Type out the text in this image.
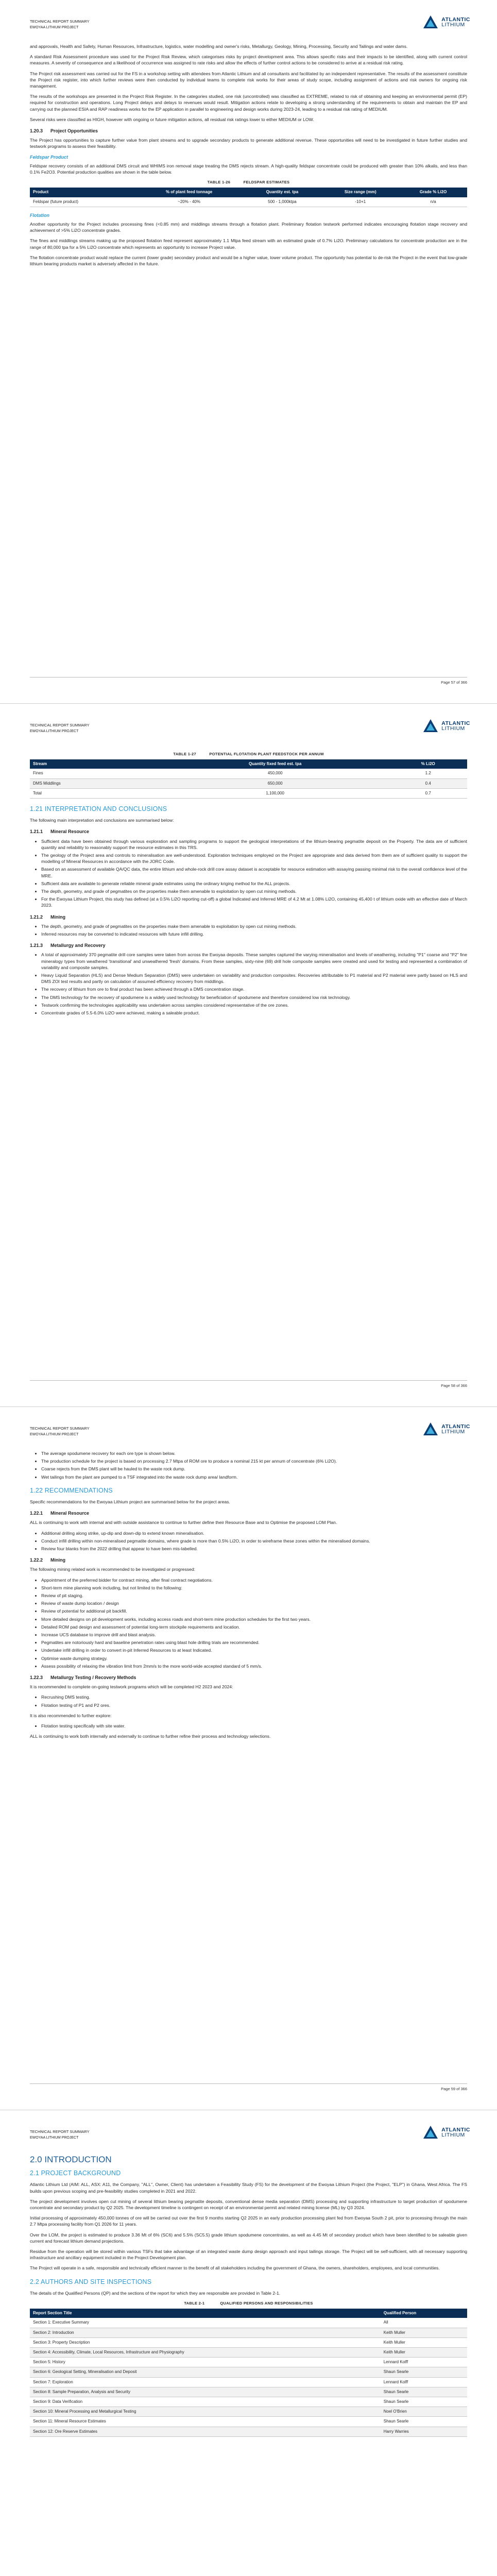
TECHNICAL REPORT SUMMARY
EWOYAA LITHIUM PROJECT
ATLANTIC
LITHIUM

and approvals, Health and Safety, Human Resources, Infrastructure, logistics, water modelling and owner's risks, Metallurgy, Geology, Mining, Processing, Security and Tailings and water dams.

A standard Risk Assessment procedure was used for the Project Risk Review, which categorises risks by project development area. This allows specific risks and their impacts to be identified, along with current control measures. A severity of consequence and a likelihood of occurrence was assigned to rate risks and allow the effects of further control actions to be considered to arrive at a residual risk rating.

The Project risk assessment was carried out for the FS in a workshop setting with attendees from Atlantic Lithium and all consultants and facilitated by an independent representative. The results of the assessment constitute the Project risk register, into which further reviews were then conducted by individual teams to complete risk works for their areas of study scope, including assignment of actions and risk owners for ongoing risk management.

The results of the workshops are presented in the Project Risk Register. In the categories studied, one risk (uncontrolled) was classified as EXTREME, related to risk of obtaining and keeping an environmental permit (EP) required for construction and operations. Long Project delays and delays to revenues would result. Mitigation actions relate to developing a strong understanding of the requirements to obtain and maintain the EP and carrying out the planned ESIA and RAP readiness works for the EP application in parallel to engineering and design works during 2023-24, leading to a residual risk rating of MEDIUM.

Several risks were classified as HIGH, however with ongoing or future mitigation actions, all residual risk ratings lower to either MEDIUM or LOW.

1.20.3 Project Opportunities

The Project has opportunities to capture further value from plant streams and to upgrade secondary products to generate additional revenue. These opportunities will need to be investigated in future further studies and testwork programs to assess their feasibility.

Feldspar Product

Feldspar recovery consists of an additional DMS circuit and WHIMS iron removal stage treating the DMS rejects stream. A high-quality feldspar concentrate could be produced with greater than 10% alkalis, and less than 0.1% Fe2O3. Potential production qualities are shown in the table below.

TABLE 1-26	FELDSPAR ESTIMATES
Product	% of plant feed tonnage	Quantity est. tpa	Size range (mm)	Grade % Li2O
Feldspar (future product)	~20% - 40%	500 - 1,000ktpa	-10+1	n/a
Flotation

Another opportunity for the Project includes processing fines (<0.85 mm) and middlings streams through a flotation plant. Preliminary flotation testwork performed indicates encouraging flotation stage recovery and achievement of >5% Li2O concentrate grades.

The fines and middlings streams making up the proposed flotation feed represent approximately 1.1 Mtpa feed stream with an estimated grade of 0.7% Li2O. Preliminary calculations for concentrate production are in the range of 80,000 tpa for a 5% Li2O concentrate which represents an opportunity to increase Project value.

The flotation concentrate product would replace the current (lower grade) secondary product and would be a higher value, lower volume product. The opportunity has potential to de-risk the Project in the event that low-grade lithium bearing products market is adversely affected in the future.

Page 57 of 366
TECHNICAL REPORT SUMMARY
EWOYAA LITHIUM PROJECT
ATLANTIC
LITHIUM
TABLE 1-27	POTENTIAL FLOTATION PLANT FEEDSTOCK PER ANNUM
Stream	Quantity fixed feed est. tpa	% Li2O
Fines	450,000	1.2
DMS Middlings	650,000	0.4
Total	1,100,000	0.7
1.21 INTERPRETATION AND CONCLUSIONS

The following main interpretation and conclusions are summarised below:

1.21.1 Mineral Resource
• Sufficient data have been obtained through various exploration and sampling programs to support the geological interpretations of the lithium-bearing pegmatite deposit on the Property. The data are of sufficient quantity and reliability to reasonably support the resource estimates in this TRS.
• The geology of the Project area and controls to mineralisation are well-understood. Exploration techniques employed on the Project are appropriate and data derived from them are of sufficient quality to support the modelling of Mineral Resources in accordance with the JORC Code.
• Based on an assessment of available QA/QC data, the entire lithium and whole-rock drill core assay dataset is acceptable for resource estimation with assaying passing minimal risk to the overall confidence level of the MRE.
• Sufficient data are available to generate reliable mineral grade estimates using the ordinary kriging method for the ALL projects.
• The depth, geometry, and grade of pegmatites on the properties make them amenable to exploitation by open cut mining methods.
• For the Ewoyaa Lithium Project, this study has defined (at a 0.5% Li2O reporting cut-off) a global Indicated and Inferred MRE of 4.2 Mt at 1.08% Li2O, containing 45,400 t of lithium oxide with an effective date of March 2023.
1.21.2 Mining
• The depth, geometry, and grade of pegmatites on the properties make them amenable to exploitation by open cut mining methods.
• Inferred resources may be converted to indicated resources with future infill drilling.
1.21.3 Metallurgy and Recovery
• A total of approximately 370 pegmatite drill core samples were taken from across the Ewoyaa deposits. These samples captured the varying mineralisation and levels of weathering, including "P1" coarse and "P2" fine mineralogy types from weathered 'transitional' and unweathered 'fresh' domains. From these samples, sixty-nine (69) drill hole composite samples were created and used for testing and represented a combination of variability and composite samples.
• Heavy Liquid Separation (HLS) and Dense Medium Separation (DMS) were undertaken on variability and production composites. Recoveries attributable to P1 material and P2 material were partly based on HLS and DMS ZOI test results and partly on calculation of assumed efficiency recovery from middlings.
• The recovery of lithium from ore to final product has been achieved through a DMS concentration stage.
• The DMS technology for the recovery of spodumene is a widely used technology for beneficiation of spodumene and therefore considered low risk technology.
• Testwork confirming the technologies applicability was undertaken across samples considered representative of the ore zones.
• Concentrate grades of 5.5-6.0% Li2O were achieved, making a saleable product.
Page 58 of 366
TECHNICAL REPORT SUMMARY
EWOYAA LITHIUM PROJECT
ATLANTIC
LITHIUM
• The average spodumene recovery for each ore type is shown below.
• The production schedule for the project is based on processing 2.7 Mtpa of ROM ore to produce a nominal 215 kt per annum of concentrate (6% Li2O).
• Coarse rejects from the DMS plant will be hauled to the waste rock dump.
• Wet tailings from the plant are pumped to a TSF integrated into the waste rock dump area/ landform.
1.22 RECOMMENDATIONS

Specific recommendations for the Ewoyaa Lithium project are summarised below for the project areas.

1.22.1 Mineral Resource

ALL is continuing to work with internal and with outside assistance to continue to further define their Resource Base and to Optimise the proposed LOM Plan.

• Additional drilling along strike, up-dip and down-dip to extend known mineralisation.
• Conduct infill drilling within non-mineralised pegmatite domains, where grade is more than 0.5% Li2O, in order to wireframe these zones within the mineralised domains.
• Review four blanks from the 2022 drilling that appear to have been mis-labelled.
1.22.2 Mining

The following mining related work is recommended to be investigated or progressed:

• Appointment of the preferred bidder for contract mining, after final contract negotiations.
• Short-term mine planning work including, but not limited to the following:
• Review of pit staging.
• Review of waste dump location / design
• Review of potential for additional pit backfill.
• More detailed designs on pit development works, including access roads and short-term mine production schedules for the first two years.
• Detailed ROM pad design and assessment of potential long-term stockpile requirements and location.
• Increase UCS database to improve drill and blast analysis.
• Pegmatites are notoriously hard and baseline penetration rates using blast hole drilling trials are recommended.
• Undertake infill drilling in order to convert in-pit Inferred Resources to at least Indicated.
• Optimise waste dumping strategy.
• Assess possibility of relaxing the vibration limit from 2mm/s to the more world-wide accepted standard of 5 mm/s.
1.22.3 Metallurgy Testing / Recovery Methods

It is recommended to complete on-going testwork programs which will be completed H2 2023 and 2024:

• Recrushing DMS testing.
• Flotation testing of P1 and P2 ores.

It is also recommended to further explore:

• Flotation testing specifically with site water.

ALL is continuing to work both internally and externally to continue to further refine their process and technology selections.

Page 59 of 366
TECHNICAL REPORT SUMMARY
EWOYAA LITHIUM PROJECT
ATLANTIC
LITHIUM
2.0 INTRODUCTION
2.1 PROJECT BACKGROUND

Atlantic Lithium Ltd (AIM: ALL, ASX: A11, the Company, "ALL", Owner, Client) has undertaken a Feasibility Study (FS) for the development of the Ewoyaa Lithium Project (the Project, "ELP") in Ghana, West Africa. The FS builds upon previous scoping and pre-feasibility studies completed in 2021 and 2022.

The project development involves open cut mining of several lithium bearing pegmatite deposits, conventional dense media separation (DMS) processing and supporting infrastructure to target production of spodumene concentrate and secondary product by Q2 2025. The development timeline is contingent on receipt of an environmental permit and related mining license (ML) by Q3 2024.

Initial processing of approximately 450,000 tonnes of ore will be carried out over the first 9 months starting Q2 2025 in an early production processing plant fed from Ewoyaa South 2 pit, prior to processing through the main 2.7 Mtpa processing facility from Q1 2026 for 11 years.

Over the LOM, the project is estimated to produce 3.36 Mt of 6% (SC6) and 5.5% (SC5.5) grade lithium spodumene concentrates, as well as 4.45 Mt of secondary product which have been identified to be saleable given current and forecast lithium demand projections.

Residue from the operation will be stored within various TSFs that take advantage of an integrated waste dump design approach and input tailings storage. The Project will be self-sufficient, with all necessary supporting infrastructure and ancillary equipment included in the Project Development plan.

The Project will operate in a safe, responsible and technically efficient manner to the benefit of all stakeholders including the government of Ghana, the owners, shareholders, employees, and local communities.

2.2 AUTHORS AND SITE INSPECTIONS

The details of the Qualified Persons (QP) and the sections of the report for which they are responsible are provided in Table 2-1.

TABLE 2-1	QUALIFIED PERSONS AND RESPONSIBILITIES
Report Section Title	Qualified Person
Section 1: Executive Summary	All
Section 2: Introduction	Keith Muller
Section 3: Property Description	Keith Muller
Section 4: Accessibility, Climate, Local Resources, Infrastructure and Physiography	Keith Muller
Section 5: History	Lennard Kolff
Section 6: Geological Setting, Mineralisation and Deposit	Shaun Searle
Section 7: Exploration	Lennard Kolff
Section 8: Sample Preparation, Analysis and Security	Shaun Searle
Section 9: Data Verification	Shaun Searle
Section 10: Mineral Processing and Metallurgical Testing	Noel O'Brien
Section 11: Mineral Resource Estimates	Shaun Searle
Section 12: Ore Reserve Estimates	Harry Warries
